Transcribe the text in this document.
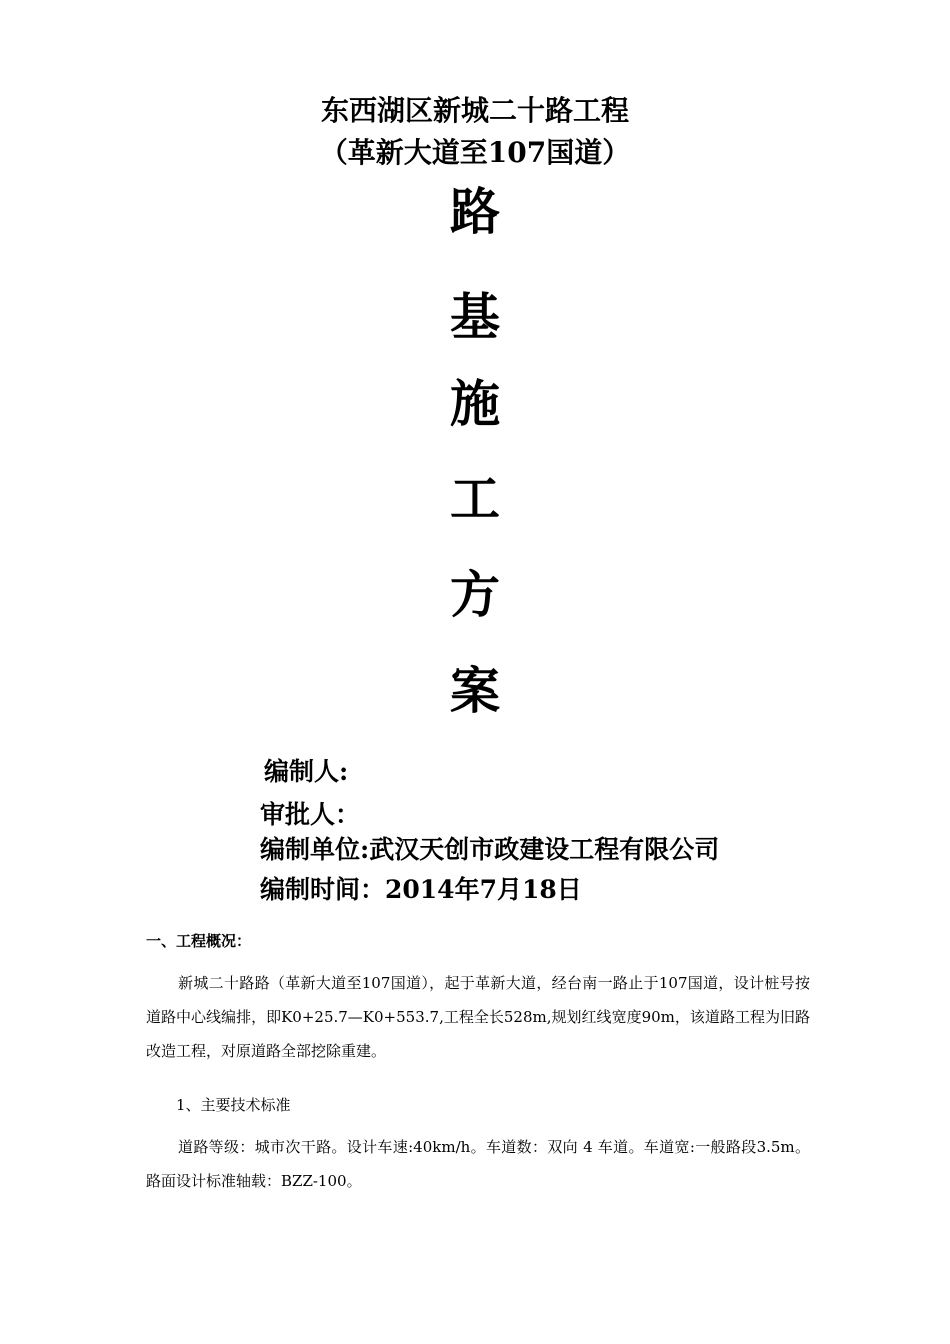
东西湖区新城二十路工程
（革新大道至107国道）
路
基
施
工
方
案

编制人:

审批人：

编制单位:武汉天创市政建设工程有限公司

编制时间：2014年7月18日

一、工程概况：

新城二十路路（革新大道至107国道），起于革新大道，经台南一路止于107国道，设计桩号按道路中心线编排，即K0+25.7—K0+553.7,工程全长528m,规划红线宽度90m，该道路工程为旧路改造工程，对原道路全部挖除重建。

1、主要技术标准

道路等级：城市次干路。设计车速:40km/h。车道数：双向 4 车道。车道宽:一般路段3.5m。路面设计标准轴载：BZZ-100。
